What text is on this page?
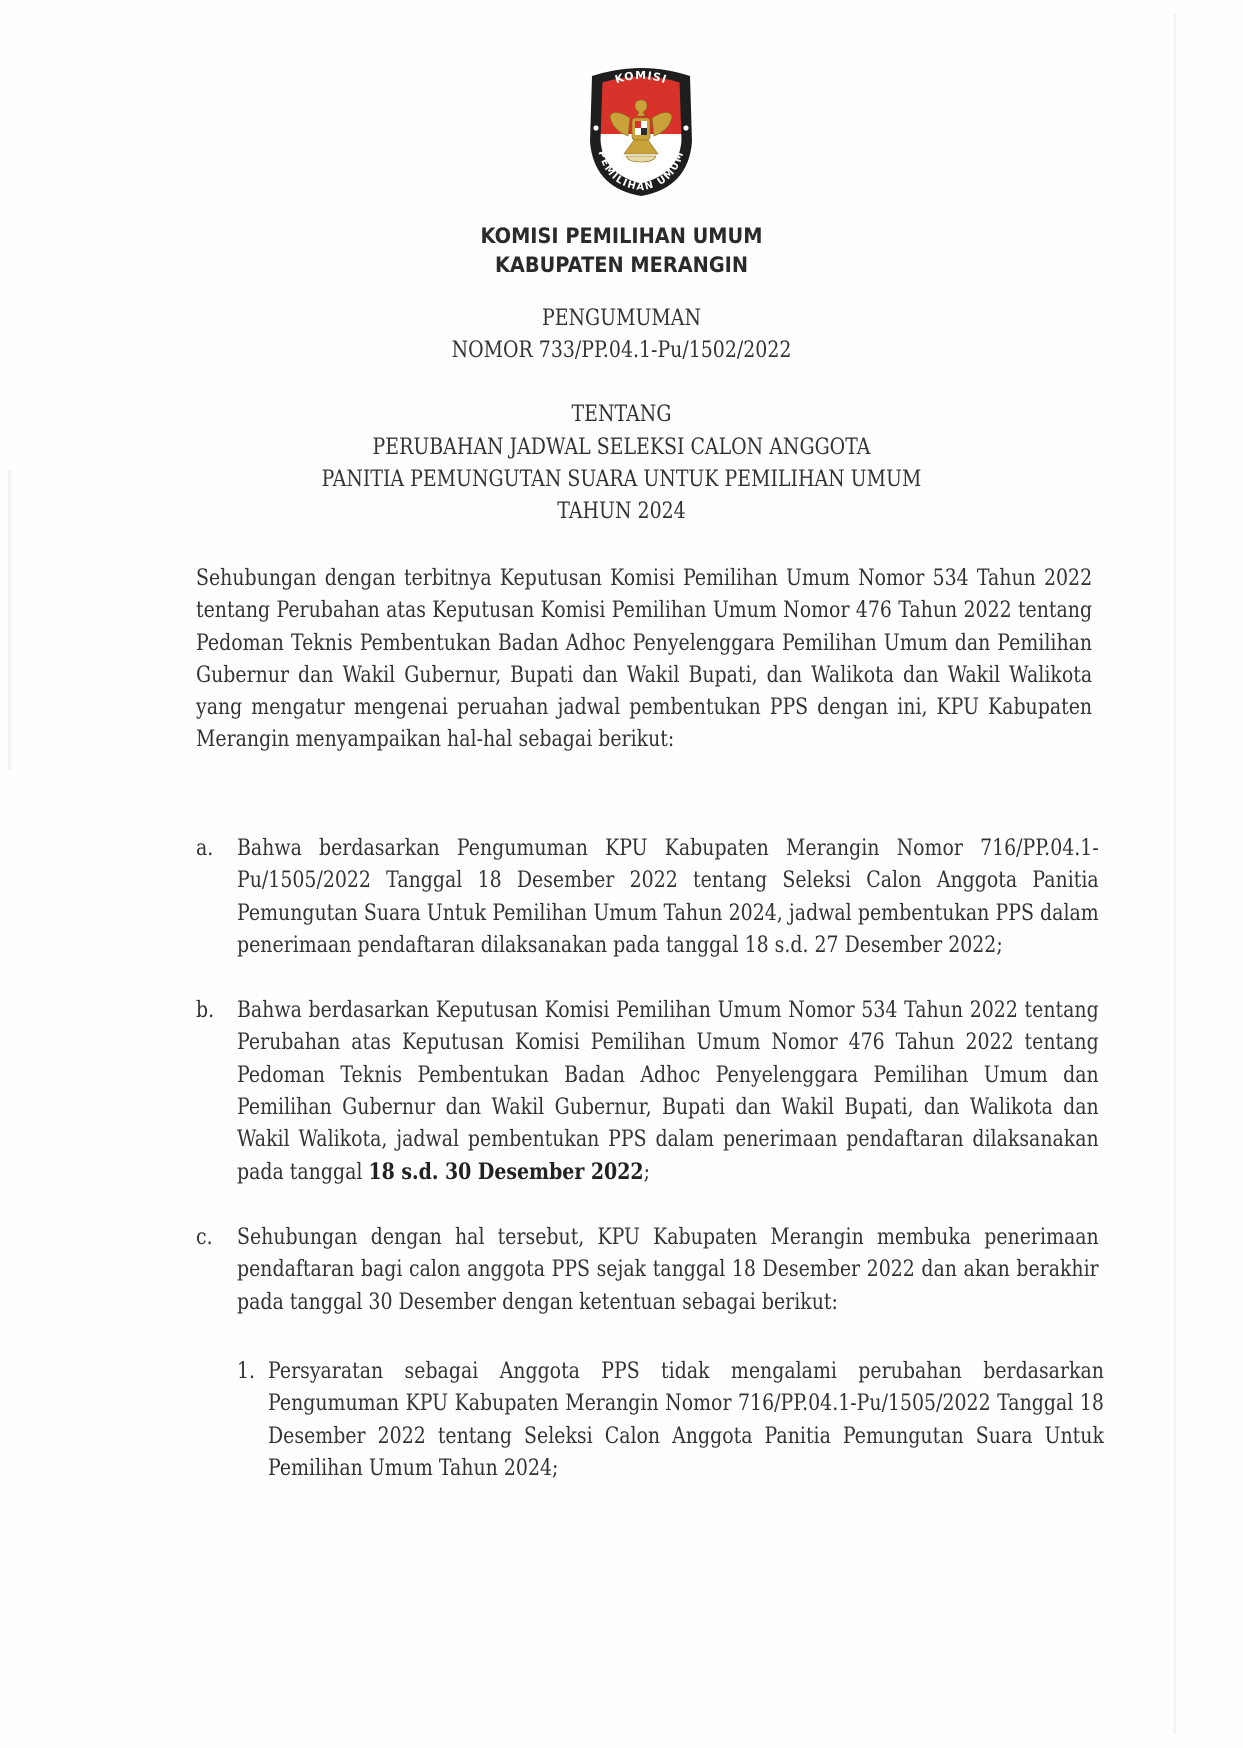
KOMISI
PEMILIHAN UMUM
KOMISI PEMILIHAN UMUM
KABUPATEN MERANGIN
PENGUMUMAN
NOMOR 733/PP.04.1-Pu/1502/2022
TENTANG
PERUBAHAN JADWAL SELEKSI CALON ANGGOTA
PANITIA PEMUNGUTAN SUARA UNTUK PEMILIHAN UMUM
TAHUN 2024

Sehubungan dengan terbitnya Keputusan Komisi Pemilihan Umum Nomor 534 Tahun 2022 tentang Perubahan atas Keputusan Komisi Pemilihan Umum Nomor 476 Tahun 2022 tentang Pedoman Teknis Pembentukan Badan Adhoc Penyelenggara Pemilihan Umum dan Pemilihan Gubernur dan Wakil Gubernur, Bupati dan Wakil Bupati, dan Walikota dan Wakil Walikota yang mengatur mengenai peruahan jadwal pembentukan PPS dengan ini, KPU Kabupaten Merangin menyampaikan hal-hal sebagai berikut:

a. Bahwa berdasarkan Pengumuman KPU Kabupaten Merangin Nomor 716/PP.04.1-Pu/1505/2022 Tanggal 18 Desember 2022 tentang Seleksi Calon Anggota Panitia Pemungutan Suara Untuk Pemilihan Umum Tahun 2024, jadwal pembentukan PPS dalam penerimaan pendaftaran dilaksanakan pada tanggal 18 s.d. 27 Desember 2022;
b. Bahwa berdasarkan Keputusan Komisi Pemilihan Umum Nomor 534 Tahun 2022 tentang Perubahan atas Keputusan Komisi Pemilihan Umum Nomor 476 Tahun 2022 tentang Pedoman Teknis Pembentukan Badan Adhoc Penyelenggara Pemilihan Umum dan Pemilihan Gubernur dan Wakil Gubernur, Bupati dan Wakil Bupati, dan Walikota dan Wakil Walikota, jadwal pembentukan PPS dalam penerimaan pendaftaran dilaksanakan pada tanggal 18 s.d. 30 Desember 2022;
c. Sehubungan dengan hal tersebut, KPU Kabupaten Merangin membuka penerimaan pendaftaran bagi calon anggota PPS sejak tanggal 18 Desember 2022 dan akan berakhir pada tanggal 30 Desember dengan ketentuan sebagai berikut:
1. Persyaratan sebagai Anggota PPS tidak mengalami perubahan berdasarkan Pengumuman KPU Kabupaten Merangin Nomor 716/PP.04.1-Pu/1505/2022 Tanggal 18 Desember 2022 tentang Seleksi Calon Anggota Panitia Pemungutan Suara Untuk Pemilihan Umum Tahun 2024;
